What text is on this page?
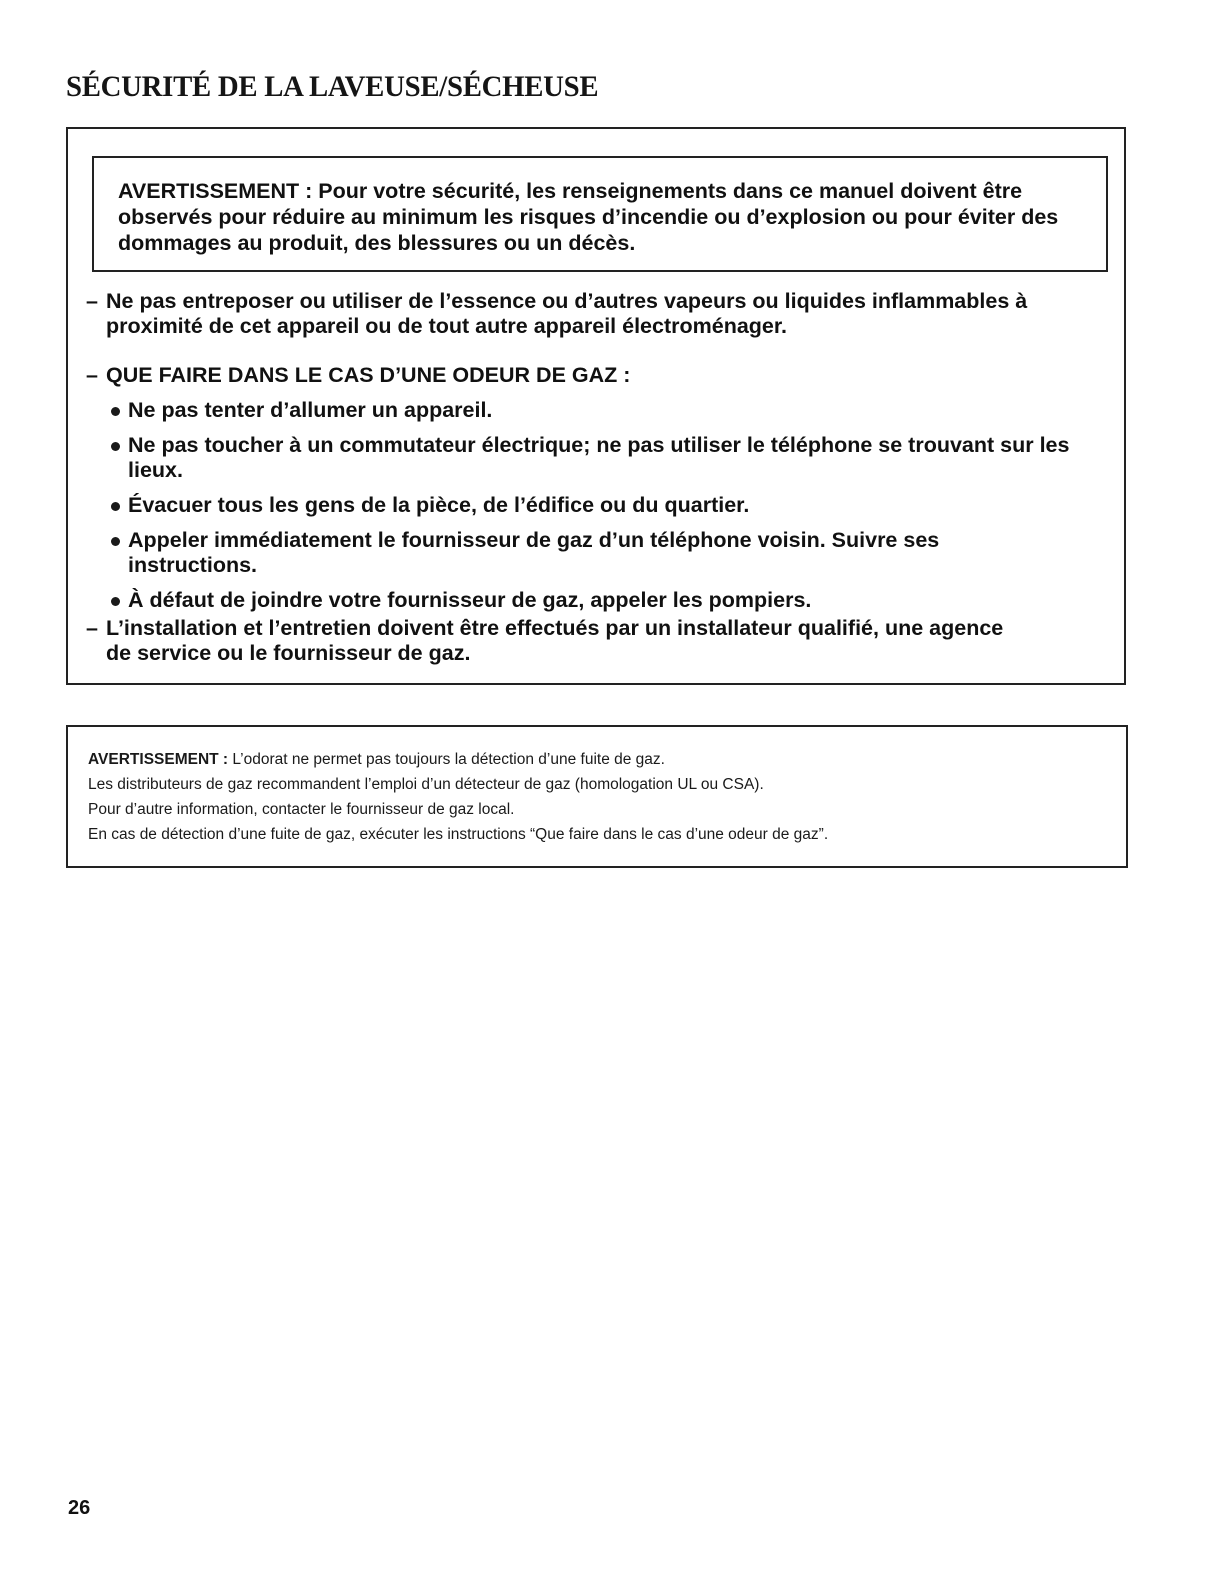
SÉCURITÉ DE LA LAVEUSE/SÉCHEUSE
AVERTISSEMENT : Pour votre sécurité, les renseignements dans ce manuel doivent être observés pour réduire au minimum les risques d’incendie ou d’explosion ou pour éviter des dommages au produit, des blessures ou un décès.
– Ne pas entreposer ou utiliser de l’essence ou d’autres vapeurs ou liquides inflammables à proximité de cet appareil ou de tout autre appareil électroménager.
– QUE FAIRE DANS LE CAS D’UNE ODEUR DE GAZ :
Ne pas tenter d’allumer un appareil.
Ne pas toucher à un commutateur électrique; ne pas utiliser le téléphone se trouvant sur les lieux.
Évacuer tous les gens de la pièce, de l’édifice ou du quartier.
Appeler immédiatement le fournisseur de gaz d’un téléphone voisin. Suivre ses instructions.
À défaut de joindre votre fournisseur de gaz, appeler les pompiers.
– L’installation et l’entretien doivent être effectués par un installateur qualifié, une agence de service ou le fournisseur de gaz.
AVERTISSEMENT : L’odorat ne permet pas toujours la détection d’une fuite de gaz.
Les distributeurs de gaz recommandent l’emploi d’un détecteur de gaz (homologation UL ou CSA).
Pour d’autre information, contacter le fournisseur de gaz local.
En cas de détection d’une fuite de gaz, exécuter les instructions “Que faire dans le cas d’une odeur de gaz”.
26
